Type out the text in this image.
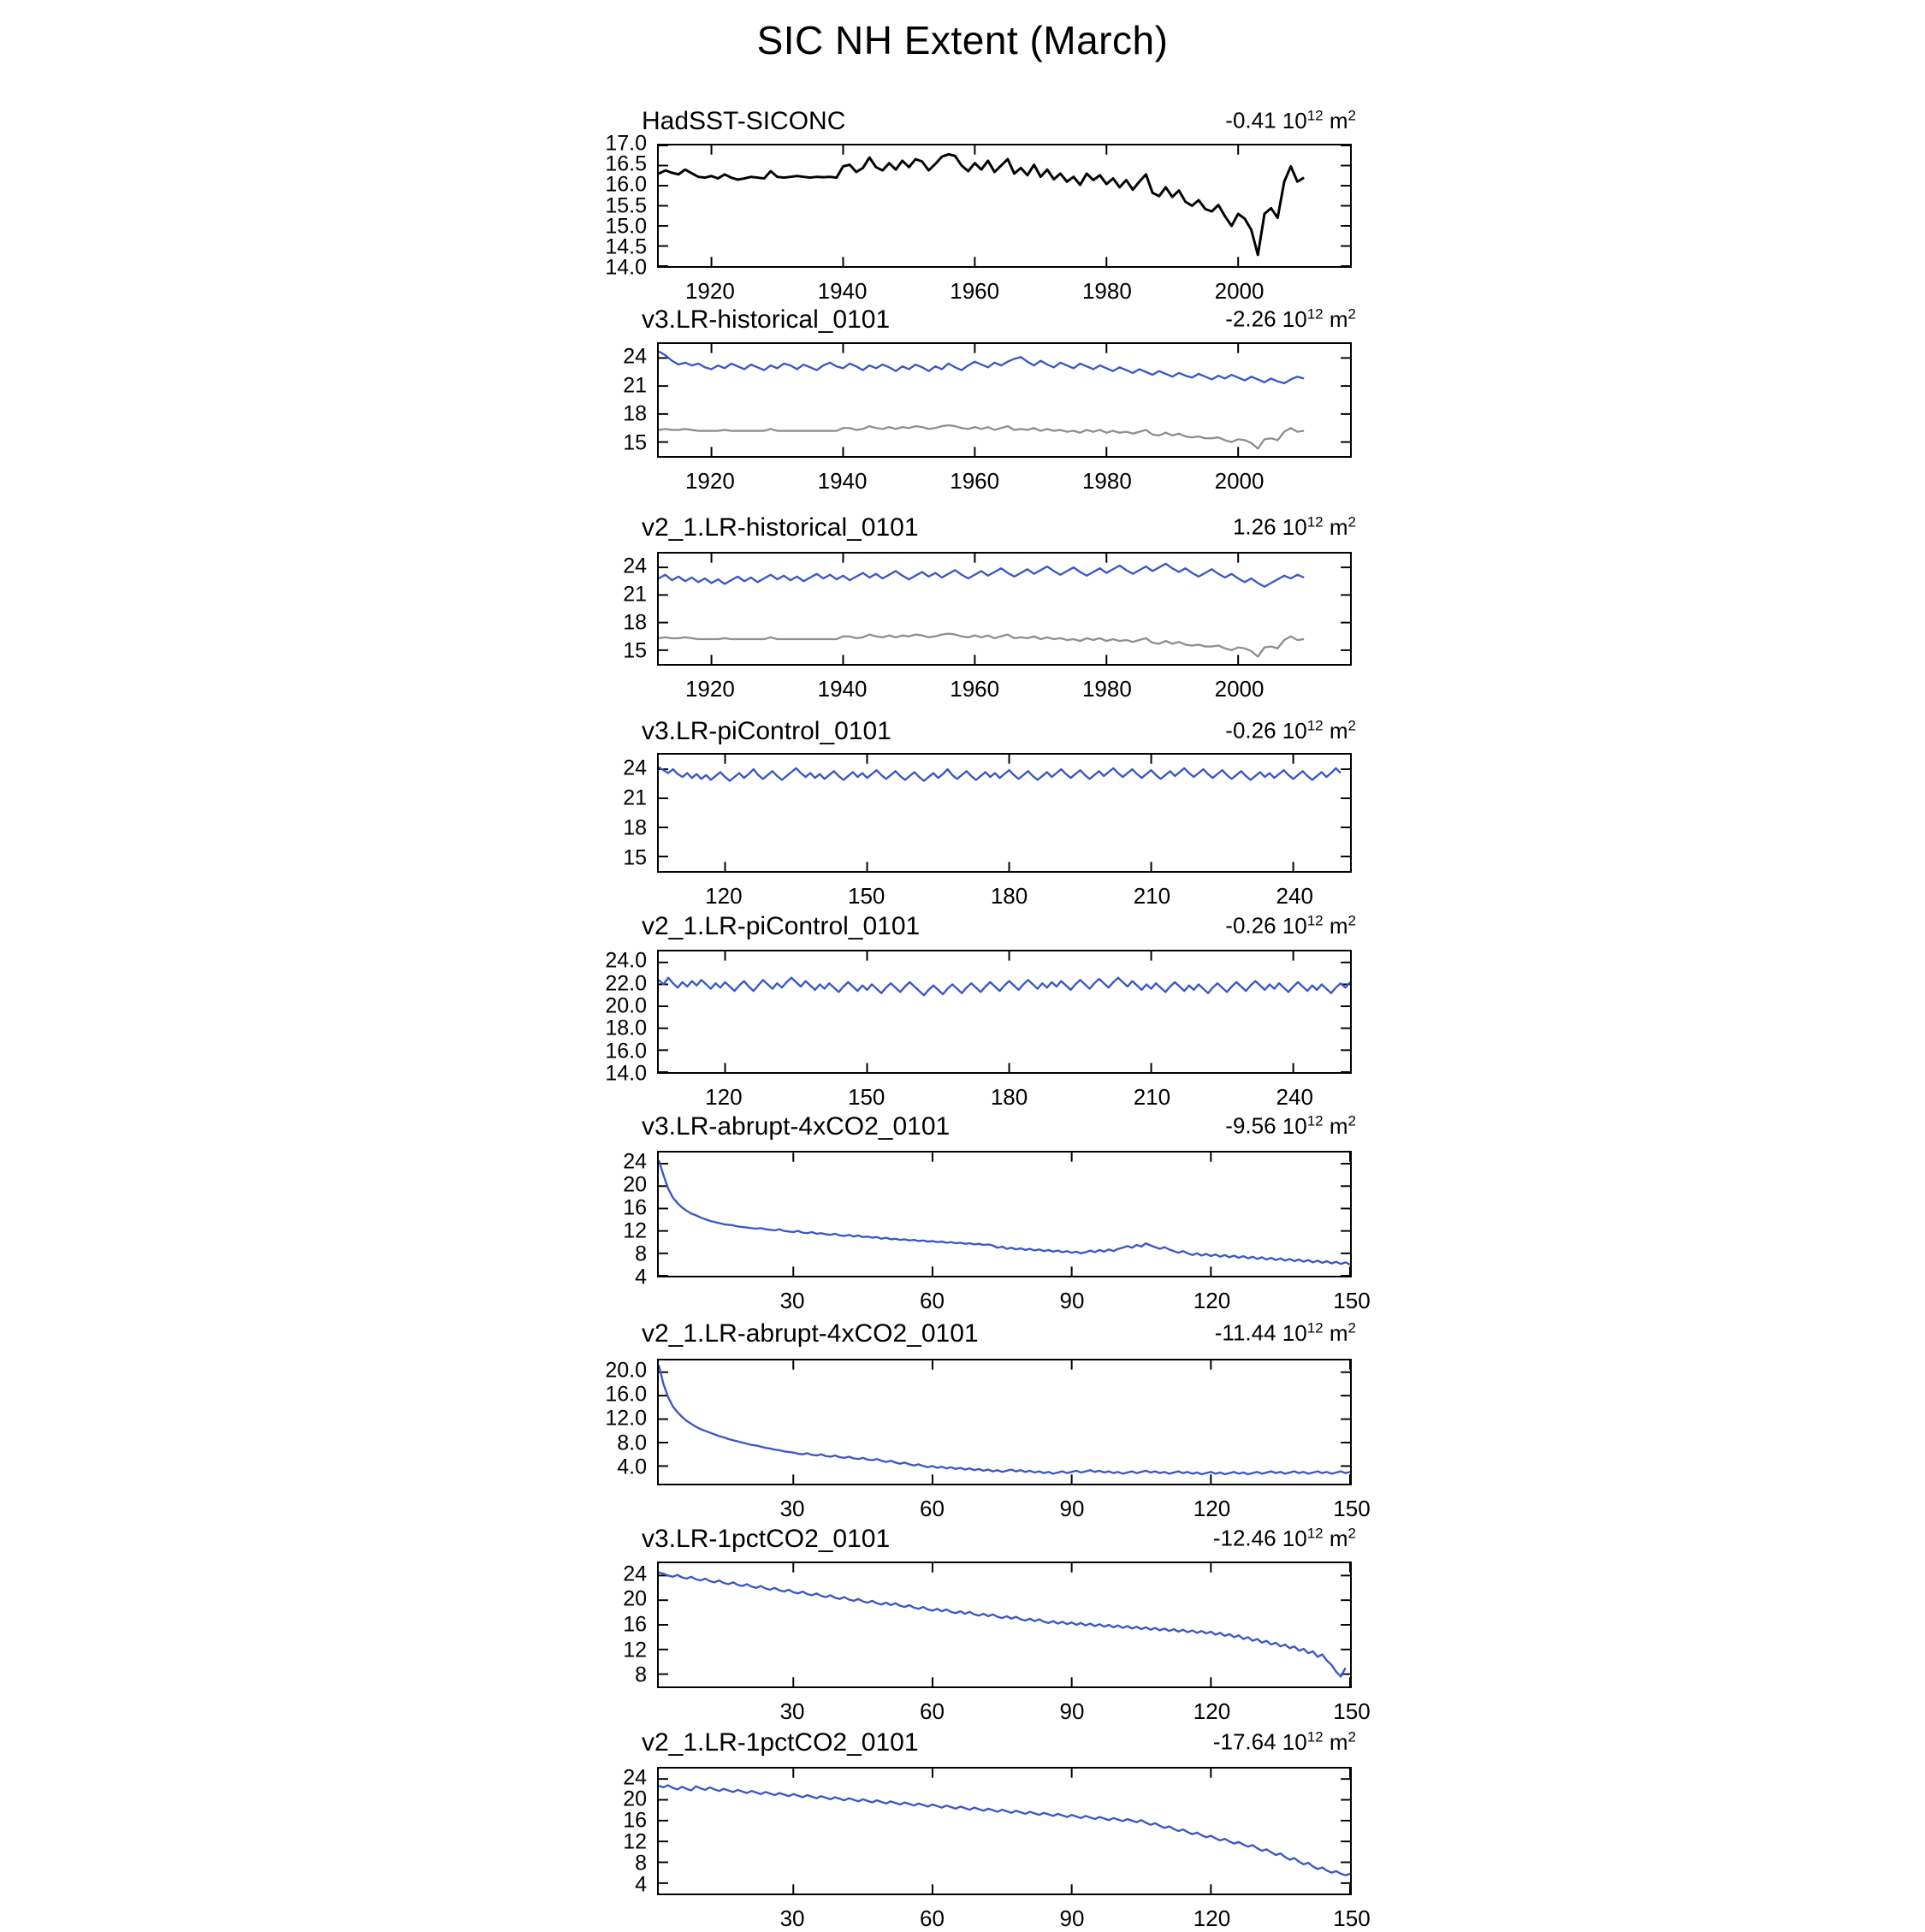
SIC NH Extent (March)
HadSST-SICONC	-0.41 $10^{12}$ $m^2$
17.0
16.5
16.0
15.5
15.0
14.5
14.0
1920	1940	1960	1980	2000
v3.LR-historical_0101	-2.26 $10^{12}$ $m^2$
24
21
18
15
1920	1940	1960	1980	2000
v2_1.LR-historical_0101	1.26 $10^{12}$ $m^2$
24
21
18
15
1920	1940	1960	1980	2000
v3.LR-piControl_0101	-0.26 $10^{12}$ $m^2$
24
21
18
15
120	150	180	210	240
v2_1.LR-piControl_0101	-0.26 $10^{12}$ $m^2$
24.0
22.0
20.0
18.0
16.0
14.0
120	150	180	210	240
v3.LR-abrupt-4xCO2_0101	-9.56 $10^{12}$ $m^2$
24
20
16
12
8
4
30	60	90	120	150
v2_1.LR-abrupt-4xCO2_0101	-11.44 $10^{12}$ $m^2$
20.0
16.0
12.0
8.0
4.0
30	60	90	120	150
v3.LR-1pctCO2_0101	-12.46 $10^{12}$ $m^2$
24
20
16
12
8
30	60	90	120	150
v2_1.LR-1pctCO2_0101	-17.64 $10^{12}$ $m^2$
24
20
16
12
8
4
30	60	90	120	150
